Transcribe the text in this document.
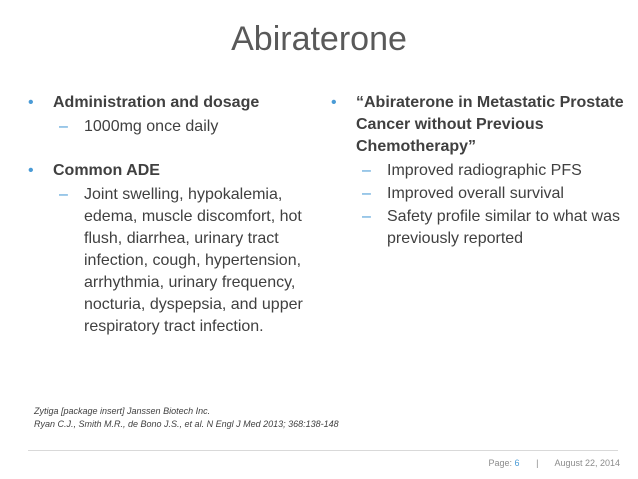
Abiraterone
• Administration and dosage
– 1000mg once daily
• Common ADE
– Joint swelling, hypokalemia, edema, muscle discomfort, hot flush, diarrhea, urinary tract infection, cough, hypertension, arrhythmia, urinary frequency, nocturia, dyspepsia, and upper respiratory tract infection.
• “Abiraterone in Metastatic Prostate Cancer without Previous Chemotherapy”
– Improved radiographic PFS
– Improved overall survival
– Safety profile similar to what was previously reported
Zytiga [package insert] Janssen Biotech Inc.
Ryan C.J., Smith M.R., de Bono J.S., et al. N Engl J Med 2013; 368:138-148
Page: 6 | August 22, 2014
